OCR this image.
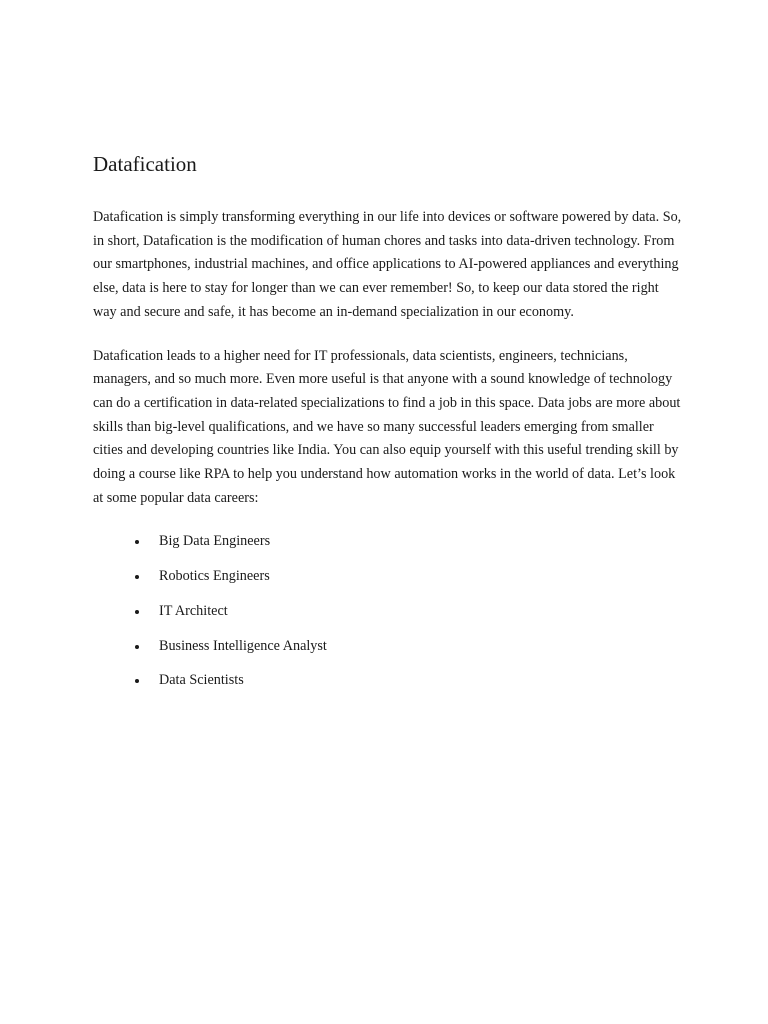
Datafication

Datafication is simply transforming everything in our life into devices or software powered by data. So, in short, Datafication is the modification of human chores and tasks into data-driven technology. From our smartphones, industrial machines, and office applications to AI-powered appliances and everything else, data is here to stay for longer than we can ever remember! So, to keep our data stored the right way and secure and safe, it has become an in-demand specialization in our economy.

Datafication leads to a higher need for IT professionals, data scientists, engineers, technicians, managers, and so much more. Even more useful is that anyone with a sound knowledge of technology can do a certification in data-related specializations to find a job in this space. Data jobs are more about skills than big-level qualifications, and we have so many successful leaders emerging from smaller cities and developing countries like India. You can also equip yourself with this useful trending skill by doing a course like RPA to help you understand how automation works in the world of data. Let’s look at some popular data careers:

Big Data Engineers
Robotics Engineers
IT Architect
Business Intelligence Analyst
Data Scientists
